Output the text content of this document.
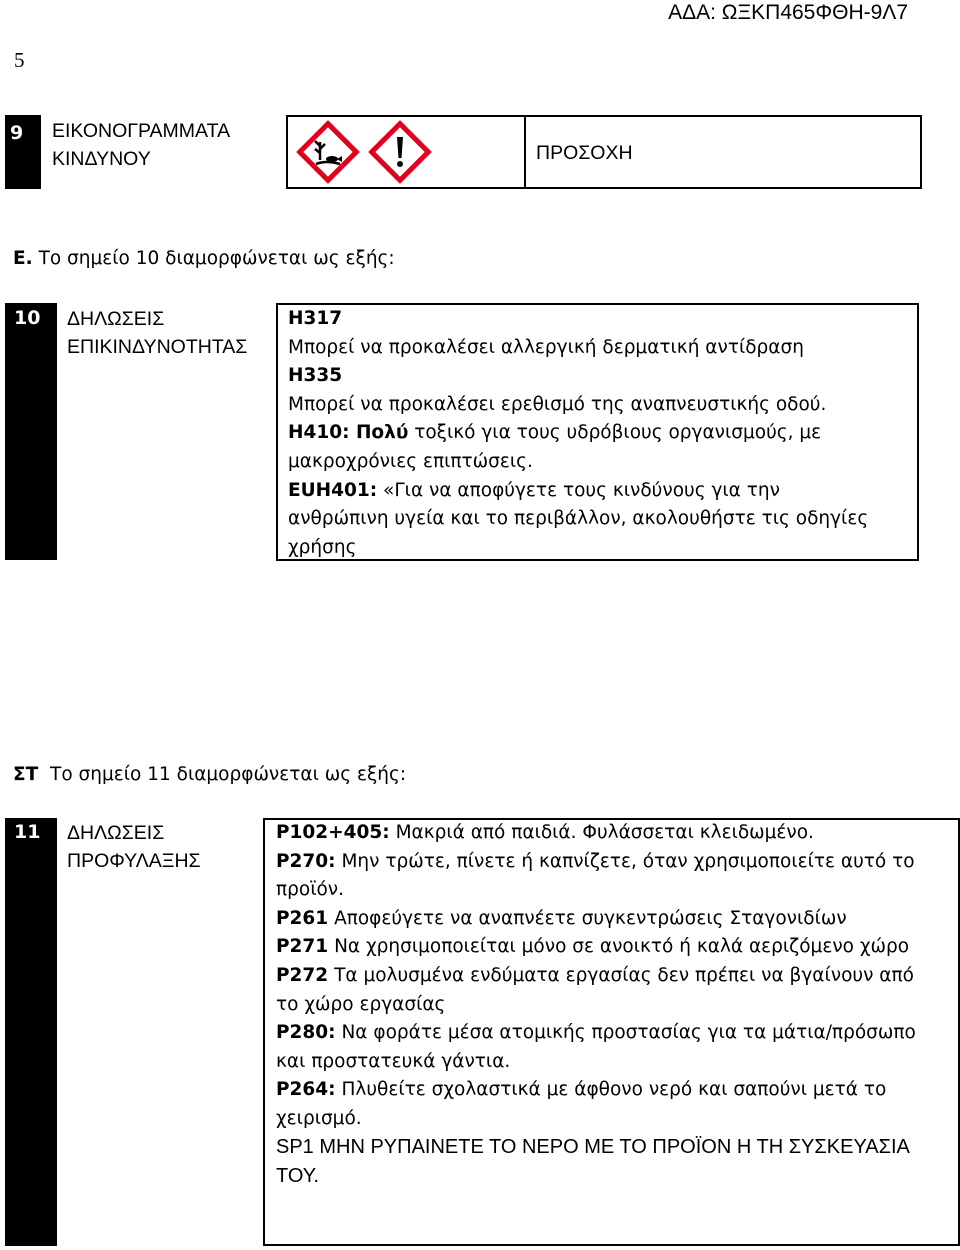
ΑΔΑ: ΩΞΚΠ465ΦΘΗ-9Λ7
5
9 ΕΙΚΟΝΟΓΡΑΜΜΑΤΑ
ΚΙΝΔΥΝΟΥ	ΠΡΟΣΟΧΗ
E. Το σημείο 10 διαμορφώνεται ως εξής:
10 ΔΗΛΩΣΕΙΣ
ΕΠΙΚΙΝΔΥΝΟΤΗΤΑΣ
H317
Μπορεί να προκαλέσει αλλεργική δερματική αντίδραση
H335
Μπορεί να προκαλέσει ερεθισμό της αναπνευστικής οδού.
H410: Πολύ τοξικό για τους υδρόβιους οργανισμούς, με
μακροχρόνιες επιπτώσεις.
EUH401: «Για να αποφύγετε τους κινδύνους για την
ανθρώπινη υγεία και το περιβάλλον, ακολουθήστε τις οδηγίες
χρήσης
ΣΤ Το σημείο 11 διαμορφώνεται ως εξής:
11 ΔΗΛΩΣΕΙΣ
ΠΡΟΦΥΛΑΞΗΣ
P102+405: Μακριά από παιδιά. Φυλάσσεται κλειδωμένο.
P270: Μην τρώτε, πίνετε ή καπνίζετε, όταν χρησιμοποιείτε αυτό το
προϊόν.
P261 Αποφεύγετε να αναπνέετε συγκεντρώσεις Σταγονιδίων
P271 Να χρησιμοποιείται μόνο σε ανοικτό ή καλά αεριζόμενο χώρο
P272 Τα μολυσμένα ενδύματα εργασίας δεν πρέπει να βγαίνουν από
το χώρο εργασίας
P280: Να φοράτε μέσα ατομικής προστασίας για τα μάτια/πρόσωπο
και προστατευκά γάντια.
P264: Πλυθείτε σχολαστικά με άφθονο νερό και σαπούνι μετά το
χειρισμό.
SP1 ΜΗΝ ΡΥΠΑΙΝΕΤΕ ΤΟ ΝΕΡΟ ΜΕ ΤΟ ΠΡΟΪΟΝ Η ΤΗ ΣΥΣΚΕΥΑΣΙΑ
ΤΟΥ.
